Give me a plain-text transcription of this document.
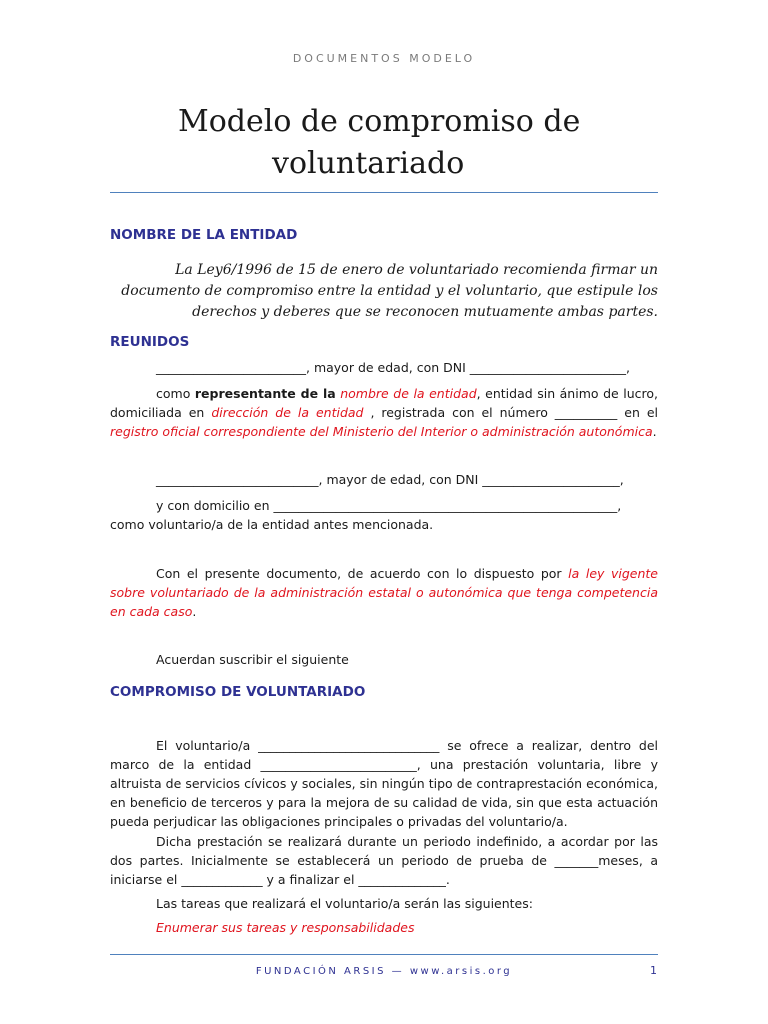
DOCUMENTOS MODELO
Modelo de compromiso de
voluntariado
NOMBRE DE LA ENTIDAD

La Ley6/1996 de 15 de enero de voluntariado recomienda firmar un documento de compromiso entre la entidad y el voluntario, que estipule los derechos y deberes que se reconocen mutuamente ambas partes.

REUNIDOS

________________________, mayor de edad, con DNI _________________________,

como representante de la nombre de la entidad, entidad sin ánimo de lucro, domiciliada en dirección de la entidad , registrada con el número __________ en el registro oficial correspondiente del Ministerio del Interior o administración autonómica.

__________________________, mayor de edad, con DNI ______________________,

y con domicilio en _______________________________________________________,
como voluntario/a de la entidad antes mencionada.

Con el presente documento, de acuerdo con lo dispuesto por la ley vigente sobre voluntariado de la administración estatal o autonómica que tenga competencia en cada caso.

Acuerdan suscribir el siguiente

COMPROMISO DE VOLUNTARIADO

El voluntario/a _____________________________ se ofrece a realizar, dentro del marco de la entidad _________________________, una prestación voluntaria, libre y altruista de servicios cívicos y sociales, sin ningún tipo de contraprestación económica, en beneficio de terceros y para la mejora de su calidad de vida, sin que esta actuación pueda perjudicar las obligaciones principales o privadas del voluntario/a.

Dicha prestación se realizará durante un periodo indefinido, a acordar por las dos partes. Inicialmente se establecerá un periodo de prueba de _______meses, a iniciarse el _____________ y a finalizar el ______________.

Las tareas que realizará el voluntario/a serán las siguientes:

Enumerar sus tareas y responsabilidades

FUNDACIÓN ARSIS — www.arsis.org	1
